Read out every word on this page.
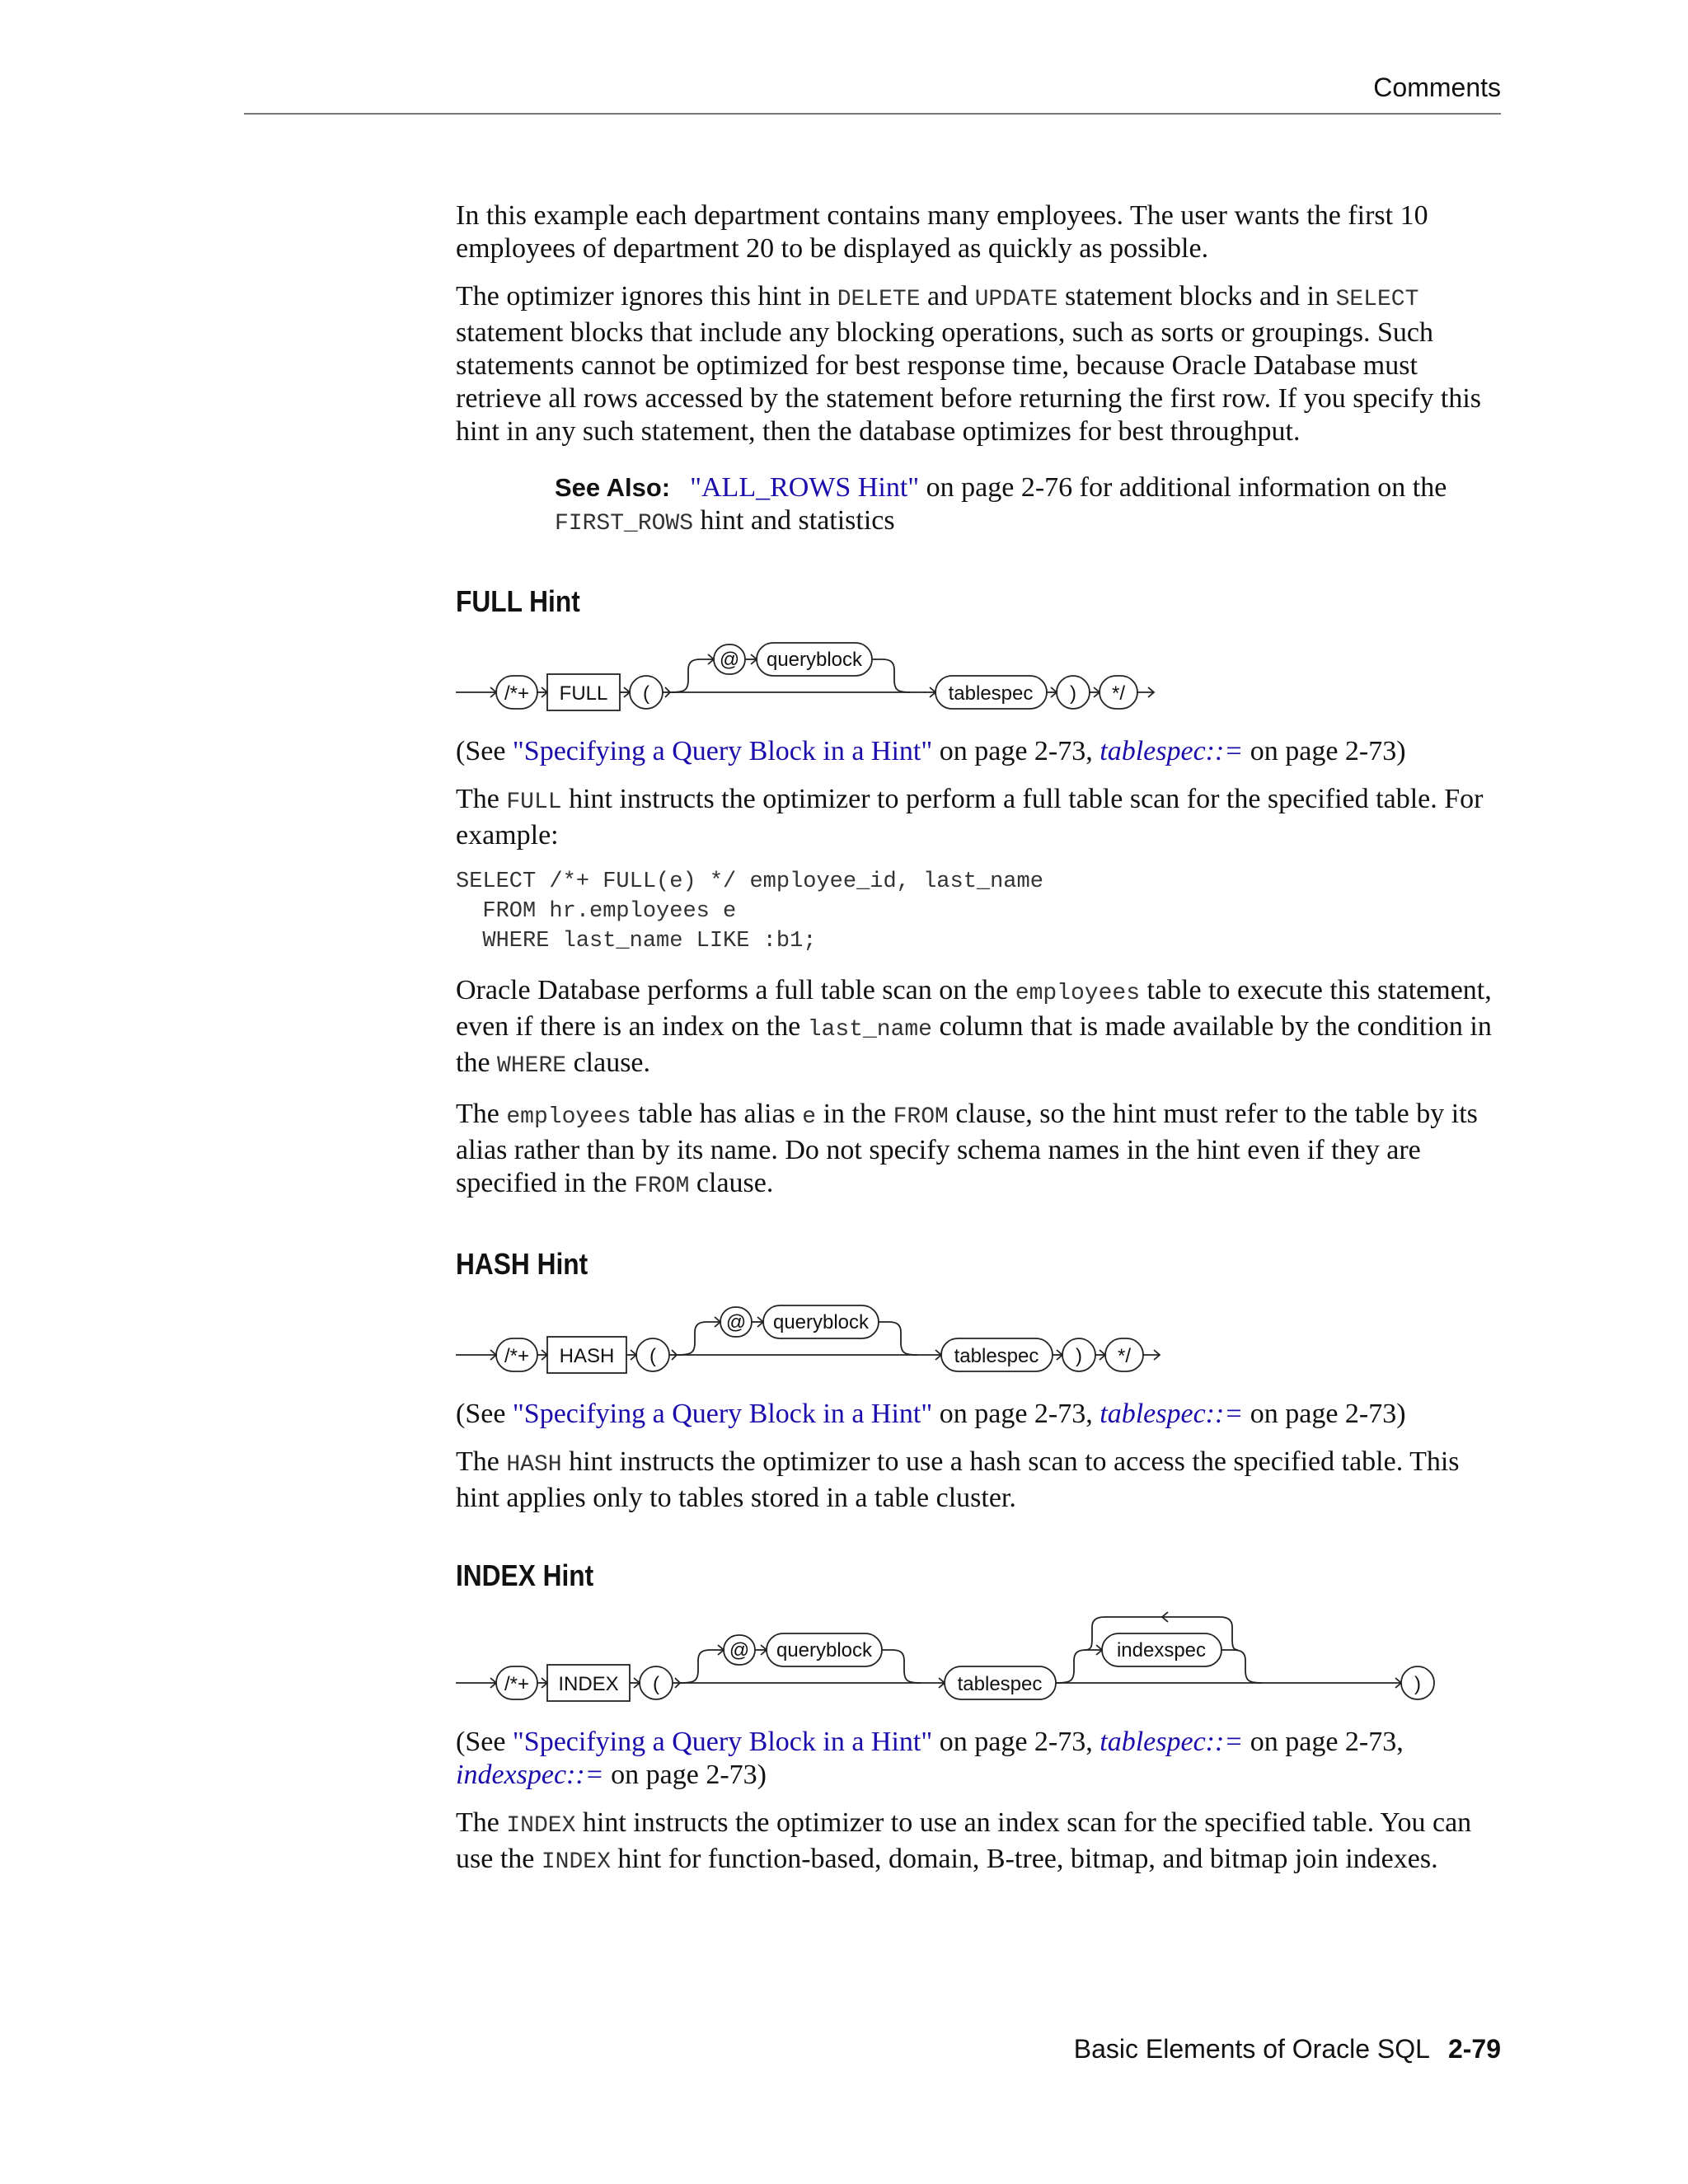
Comments

In this example each department contains many employees. The user wants the first 10 employees of department 20 to be displayed as quickly as possible.

The optimizer ignores this hint in DELETE and UPDATE statement blocks and in SELECT statement blocks that include any blocking operations, such as sorts or groupings. Such statements cannot be optimized for best response time, because Oracle Database must retrieve all rows accessed by the statement before returning the first row. If you specify this hint in any such statement, then the database optimizes for best throughput.

See Also: "ALL_ROWS Hint" on page 2-76 for additional information on the FIRST_ROWS hint and statistics
FULL Hint
/*+ FULL (
@ queryblock
tablespec ) */

(See "Specifying a Query Block in a Hint" on page 2-73, tablespec::= on page 2-73)

The FULL hint instructs the optimizer to perform a full table scan for the specified table. For example:

SELECT /*+ FULL(e) */ employee_id, last_name
FROM hr.employees e
WHERE last_name LIKE :b1;

Oracle Database performs a full table scan on the employees table to execute this statement, even if there is an index on the last_name column that is made available by the condition in the WHERE clause.

The employees table has alias e in the FROM clause, so the hint must refer to the table by its alias rather than by its name. Do not specify schema names in the hint even if they are specified in the FROM clause.

HASH Hint
/*+ HASH (
@ queryblock
tablespec ) */

(See "Specifying a Query Block in a Hint" on page 2-73, tablespec::= on page 2-73)

The HASH hint instructs the optimizer to use a hash scan to access the specified table. This hint applies only to tables stored in a table cluster.

INDEX Hint
/*+ INDEX (
@ queryblock
tablespec
indexspec
)

(See "Specifying a Query Block in a Hint" on page 2-73, tablespec::= on page 2-73, indexspec::= on page 2-73)

The INDEX hint instructs the optimizer to use an index scan for the specified table. You can use the INDEX hint for function-based, domain, B-tree, bitmap, and bitmap join indexes.

Basic Elements of Oracle SQL 2-79
